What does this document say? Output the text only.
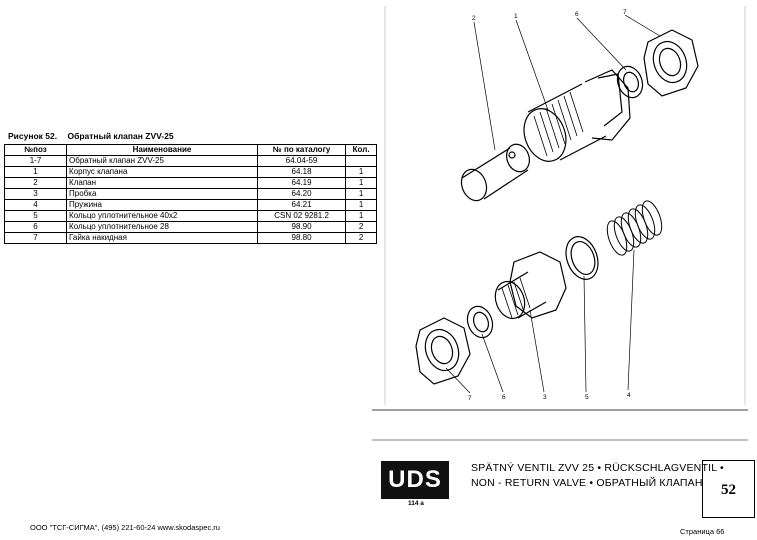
Рисунок 52. Обратный клапан ZVV-25
№поз	Наименование	№ по каталогу	Кол.
1-7	Обратный клапан ZVV-25	64.04-59	
1	Корпус клапана	64.18	1
2	Клапан	64.19	1
3	Пробка	64.20	1
4	Пружина	64.21	1
5	Кольцо уплотнительное 40х2	CSN 02 9281.2	1
6	Кольцо уплотнительное 28	98.90	2
7	Гайка накидная	98.80	2
2	1	6	7
7	6	3	5	4
UDS
114 a
SPÄTNÝ VENTIL ZVV 25 • RÜCKSCHLAGVENTIL •
NON - RETURN VALVE • ОБРАТНЫЙ КЛАПАН	52
ООО "ТСГ-СИГМА", (495) 221-60-24 www.skodaspec.ru	Страница 66
